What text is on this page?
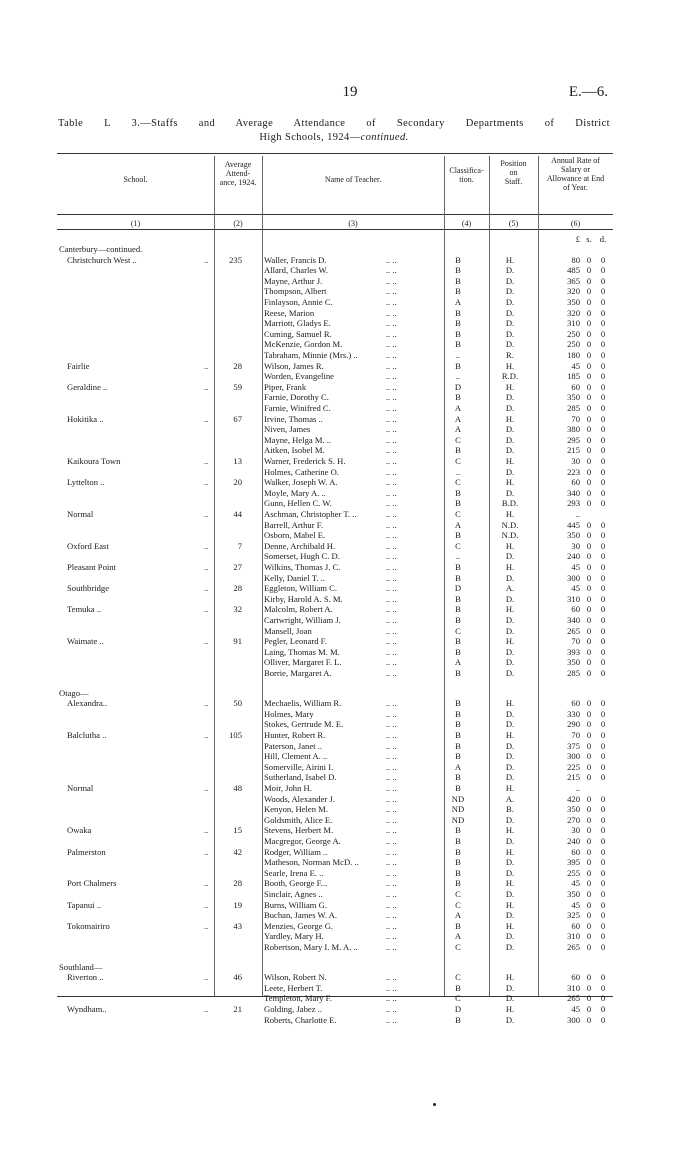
19	E.—6.
Table L 3.—Staffs and Average Attendance of Secondary Departments of District
High Schools, 1924—continued.
School.
Average
Attend-
ance, 1924.	Name of Teacher.
Classifica-
tion.
Position
on
Staff.
Annual Rate of
Salary or
Allowance at End
of Year.
(1)	(2)	(3)	(4)	(5)	(6)
£ s. d.
Canterbury—continued.
Christchurch West ..	..	235	Waller, Francis D.	.. ..	B	H.	80 0 0
Allard, Charles W.	.. ..	B	D.	485 0 0
Mayne, Arthur J.	.. ..	B	D.	365 0 0
Thompson, Albert	.. ..	B	D.	320 0 0
Finlayson, Annie C.	.. ..	A	D.	350 0 0
Reese, Marion	.. ..	B	D.	320 0 0
Marriott, Gladys E.	.. ..	B	D.	310 0 0
Cuming, Samuel R.	.. ..	B	D.	250 0 0
McKenzie, Gordon M.	.. ..	B	D.	250 0 0
Tabraham, Minnie (Mrs.) ..	.. ..	..	R.	180 0 0
Fairlie	..	28	Wilson, James R.	.. ..	B	H.	45 0 0
Worden, Evangeline	.. ..	..	R.D.	185 0 0
Geraldine ..	..	59	Piper, Frank	.. ..	D	H.	60 0 0
Farnie, Dorothy C.	.. ..	B	D.	350 0 0
Farnie, Winifred C.	.. ..	A	D.	285 0 0
Hokitika ..	..	67	Irvine, Thomas ..	.. ..	A	H.	70 0 0
Niven, James	.. ..	A	D.	380 0 0
Mayne, Helga M. ..	.. ..	C	D.	295 0 0
Aitken, Isobel M.	.. ..	B	D.	215 0 0
Kaikoura Town	..	13	Warner, Frederick S. H.	.. ..	C	H.	30 0 0
Holmes, Catherine O.	.. ..	..	D.	223 0 0
Lyttelton ..	..	20	Walker, Joseph W. A.	.. ..	C	H.	60 0 0
Moyle, Mary A. ..	.. ..	B	D.	340 0 0
Gunn, Hellen C. W.	.. ..	B	B.D.	293 0 0
Normal	..	44	Aschman, Christopher T. ..	.. ..	C	H.	..
Barrell, Arthur F.	.. ..	A	N.D.	445 0 0
Osborn, Mabel E.	.. ..	B	N.D.	350 0 0
Oxford East	..	7	Denne, Archibald H.	.. ..	C	H.	30 0 0
Somerset, Hugh C. D.	.. ..	..	D.	240 0 0
Pleasant Point	..	27	Wilkins, Thomas J. C.	.. ..	B	H.	45 0 0
Kelly, Daniel T. ..	.. ..	B	D.	300 0 0
Southbridge	..	28	Eggleton, William C.	.. ..	D	A.	45 0 0
Kirby, Harold A. S. M.	.. ..	B	D.	310 0 0
Temuka ..	..	32	Malcolm, Robert A.	.. ..	B	H.	60 0 0
Cartwright, William J.	.. ..	B	D.	340 0 0
Mansell, Joan	.. ..	C	D.	265 0 0
Waimate ..	..	91	Pegler, Leonard F.	.. ..	B	H.	70 0 0
Laing, Thomas M. M.	.. ..	B	D.	393 0 0
Olliver, Margaret F. L.	.. ..	A	D.	350 0 0
Borrie, Margaret A.	.. ..	B	D.	285 0 0
Otago—
Alexandra..	..	50	Mechaelis, William R.	.. ..	B	H.	60 0 0
Holmes, Mary	.. ..	B	D.	330 0 0
Stokes, Gertrude M. E.	.. ..	B	D.	290 0 0
Balclutha ..	..	105	Hunter, Robert R.	.. ..	B	H.	70 0 0
Paterson, Janet ..	.. ..	B	D.	375 0 0
Hill, Clement A. ..	.. ..	B	D.	300 0 0
Somerville, Airini I.	.. ..	A	D.	225 0 0
Sutherland, Isabel D.	.. ..	B	D.	215 0 0
Normal	..	48	Moir, John H.	.. ..	B	H.	..
Woods, Alexander J.	.. ..	ND	A.	420 0 0
Kenyon, Helen M.	.. ..	ND	B.	350 0 0
Goldsmith, Alice E.	.. ..	ND	D.	270 0 0
Owaka	..	15	Stevens, Herbert M.	.. ..	B	H.	30 0 0
Macgregor, George A.	.. ..	B	D.	240 0 0
Palmerston	..	42	Rodger, William ..	.. ..	B	H.	60 0 0
Matheson, Norman McD. ..	.. ..	B	D.	395 0 0
Searle, Irena E. ..	.. ..	B	D.	255 0 0
Port Chalmers	..	28	Booth, George F...	.. ..	B	H.	45 0 0
Sinclair, Agnes ..	.. ..	C	D.	350 0 0
Tapanui ..	..	19	Burns, William G.	.. ..	C	H.	45 0 0
Buchan, James W. A.	.. ..	A	D.	325 0 0
Tokomairiro	..	43	Menzies, George G.	.. ..	B	H.	60 0 0
Yardley, Mary H.	.. ..	A	D.	310 0 0
Robertson, Mary I. M. A. ..	.. ..	C	D.	265 0 0
Southland—
Riverton ..	..	46	Wilson, Robert N.	.. ..	C	H.	60 0 0
Leete, Herbert T.	.. ..	B	D.	310 0 0
Templeton, Mary F.	.. ..	C	D.	265 0 0
Wyndham..	..	21	Golding, Jabez ..	.. ..	D	H.	45 0 0
Roberts, Charlotte E.	.. ..	B	D.	300 0 0
